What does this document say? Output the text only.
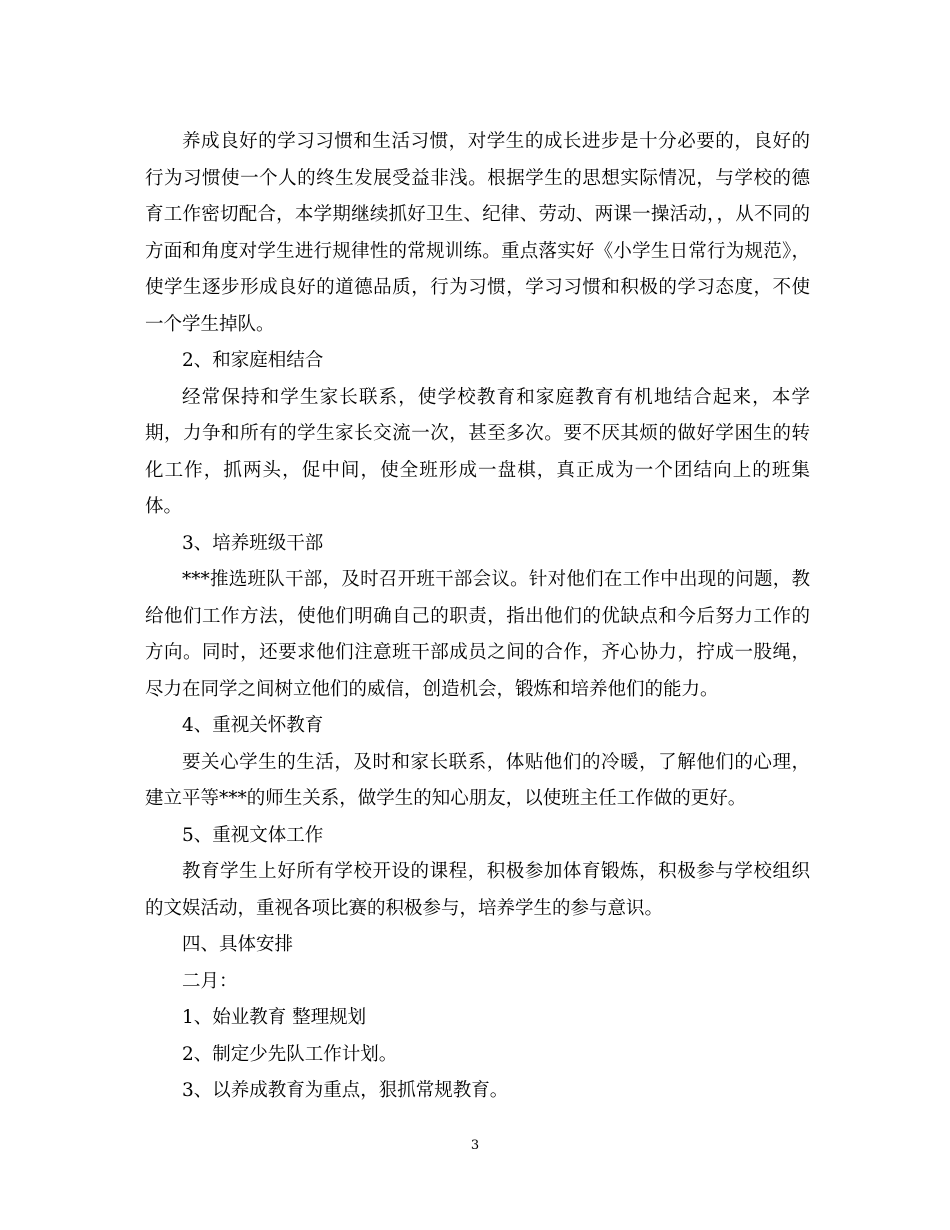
养成良好的学习习惯和生活习惯，对学生的成长进步是十分必要的，良好的行为习惯使一个人的终生发展受益非浅。根据学生的思想实际情况，与学校的德育工作密切配合，本学期继续抓好卫生、纪律、劳动、两课一操活动，，从不同的方面和角度对学生进行规律性的常规训练。重点落实好《小学生日常行为规范》，使学生逐步形成良好的道德品质，行为习惯，学习习惯和积极的学习态度，不使一个学生掉队。

2、和家庭相结合

经常保持和学生家长联系，使学校教育和家庭教育有机地结合起来，本学期，力争和所有的学生家长交流一次，甚至多次。要不厌其烦的做好学困生的转化工作，抓两头，促中间，使全班形成一盘棋，真正成为一个团结向上的班集体。

3、培养班级干部

***推选班队干部，及时召开班干部会议。针对他们在工作中出现的问题，教给他们工作方法，使他们明确自己的职责，指出他们的优缺点和今后努力工作的方向。同时，还要求他们注意班干部成员之间的合作，齐心协力，拧成一股绳，尽力在同学之间树立他们的威信，创造机会，锻炼和培养他们的能力。

4、重视关怀教育

要关心学生的生活，及时和家长联系，体贴他们的冷暖，了解他们的心理，建立平等***的师生关系，做学生的知心朋友，以使班主任工作做的更好。

5、重视文体工作

教育学生上好所有学校开设的课程，积极参加体育锻炼，积极参与学校组织的文娱活动，重视各项比赛的积极参与，培养学生的参与意识。

四、具体安排

二月：

1、始业教育 整理规划

2、制定少先队工作计划。

3、以养成教育为重点，狠抓常规教育。

3
